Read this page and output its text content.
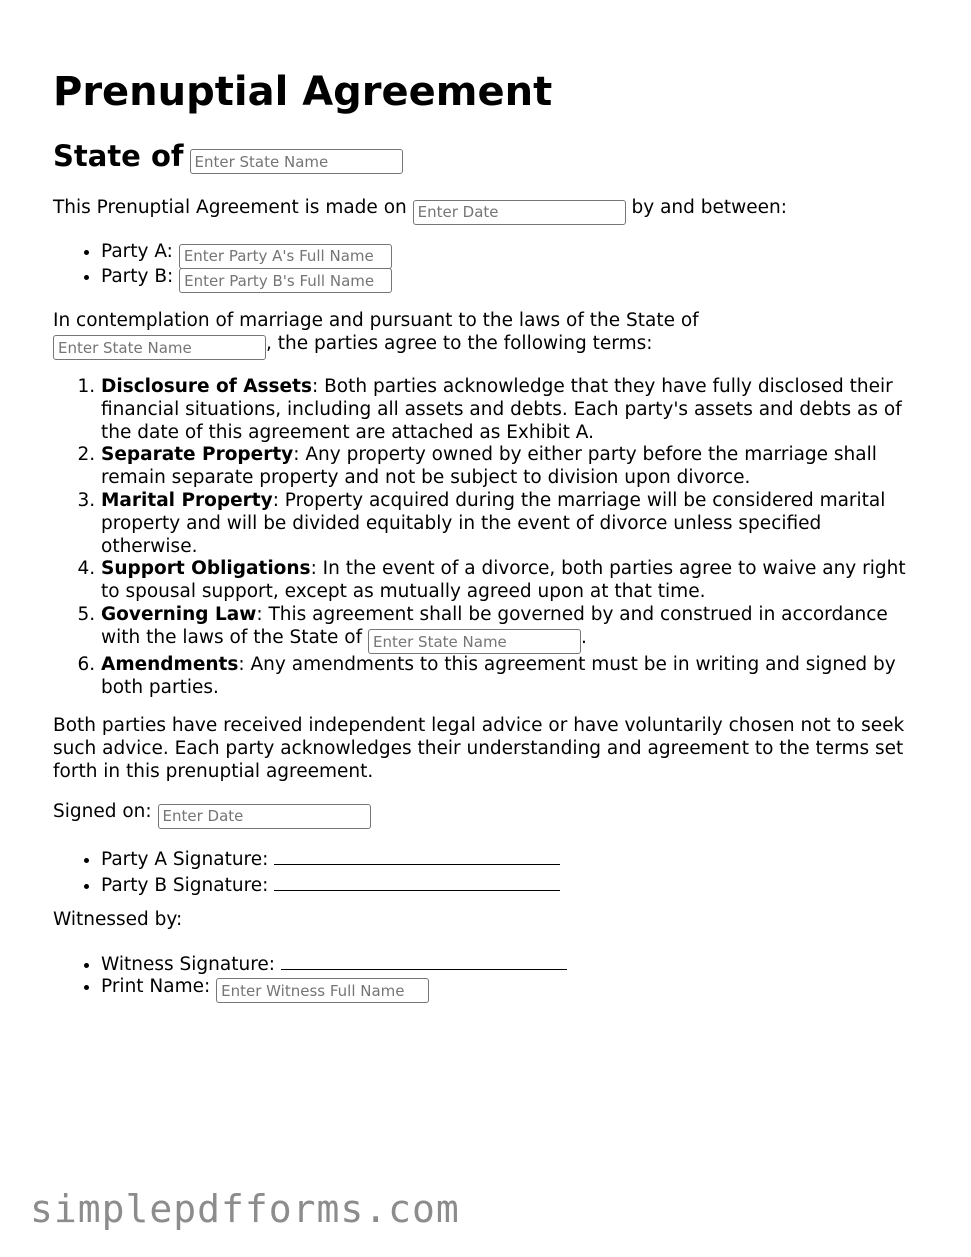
Prenuptial Agreement
State ofEnter State Name

This Prenuptial Agreement is made on Enter Date	by and between:

• Party A: Enter Party A's Full Name
• Party B: Enter Party B's Full Name

In contemplation of marriage and pursuant to the laws of the State of
Enter State Name, the parties agree to the following terms:

1. Disclosure of Assets: Both parties acknowledge that they have fully disclosed their financial situations, including all assets and debts. Each party's assets and debts as of the date of this agreement are attached as Exhibit A.
2. Separate Property: Any property owned by either party before the marriage shall remain separate property and not be subject to division upon divorce.
3. Marital Property: Property acquired during the marriage will be considered marital property and will be divided equitably in the event of divorce unless specified otherwise.
4. Support Obligations: In the event of a divorce, both parties agree to waive any right to spousal support, except as mutually agreed upon at that time.
5. Governing Law: This agreement shall be governed by and construed in accordance with the laws of the State of Enter State Name	.
6. Amendments: Any amendments to this agreement must be in writing and signed by both parties.

Both parties have received independent legal advice or have voluntarily chosen not to seek such advice. Each party acknowledges their understanding and agreement to the terms set forth in this prenuptial agreement.

Signed on: Enter Date

• Party A Signature:
• Party B Signature:

Witnessed by:

• Witness Signature:
• Print Name: Enter Witness Full Name
simplepdfforms.com
